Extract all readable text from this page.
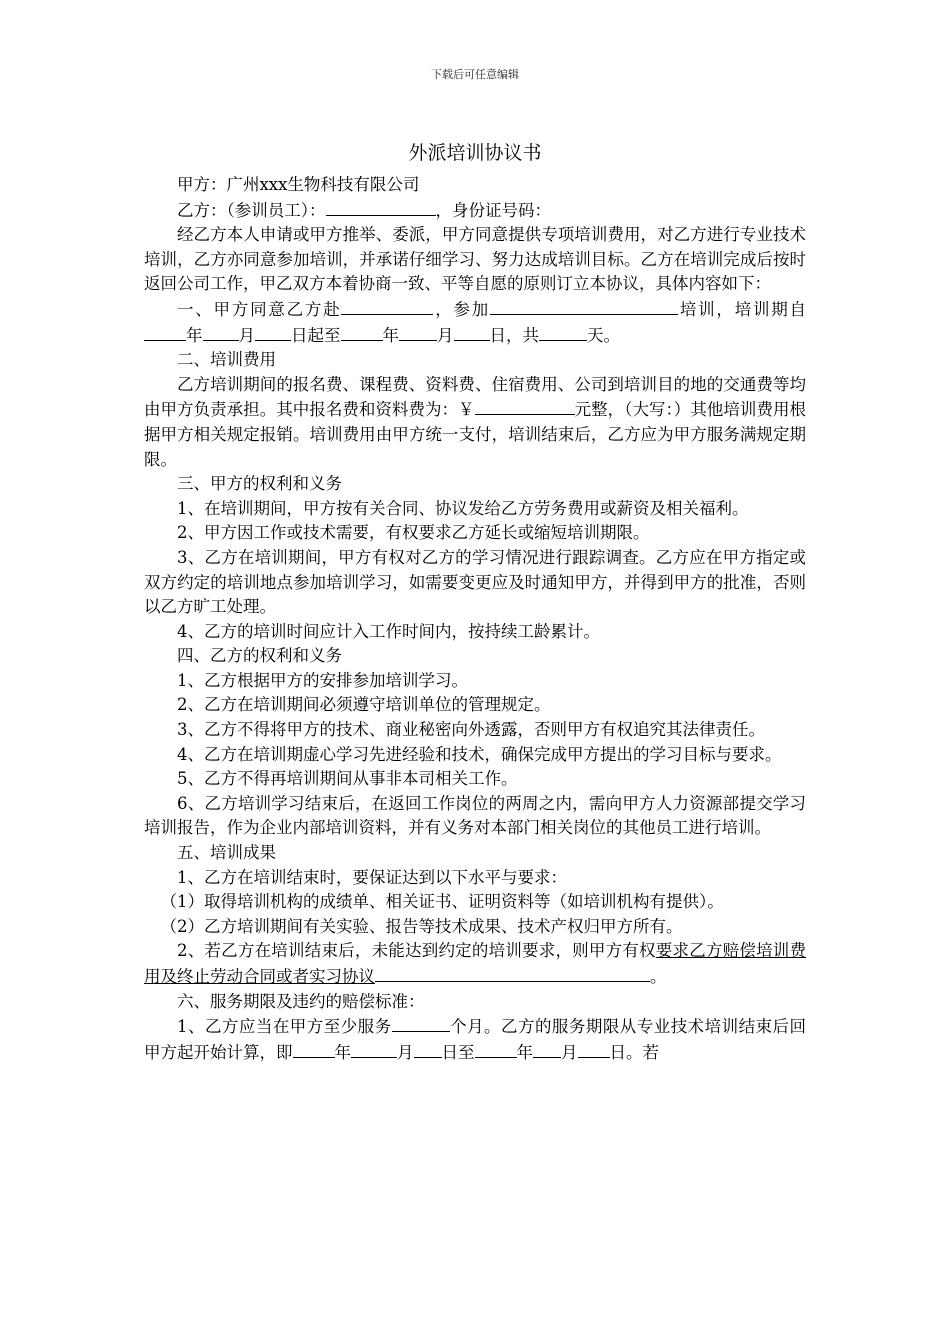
下载后可任意编辑
外派培训协议书

甲方：广州xxx生物科技有限公司

乙方：（参训员工）：	，身份证号码：

经乙方本人申请或甲方推举、委派，甲方同意提供专项培训费用，对乙方进行专业技术培训，乙方亦同意参加培训，并承诺仔细学习、努力达成培训目标。乙方在培训完成后按时返回公司工作，甲乙双方本着协商一致、平等自愿的原则订立本协议，具体内容如下：

一、甲方同意乙方赴	，参加	培训，培训期自年 月 日起至	年 月 日，共	天。

二、培训费用

乙方培训期间的报名费、课程费、资料费、住宿费用、公司到培训目的地的交通费等均由甲方负责承担。其中报名费和资料费为：￥	元整，（大写：）其他培训费用根据甲方相关规定报销。培训费用由甲方统一支付，培训结束后，乙方应为甲方服务满规定期限。

三、甲方的权利和义务

1、在培训期间，甲方按有关合同、协议发给乙方劳务费用或薪资及相关福利。

2、甲方因工作或技术需要，有权要求乙方延长或缩短培训期限。

3、乙方在培训期间，甲方有权对乙方的学习情况进行跟踪调查。乙方应在甲方指定或双方约定的培训地点参加培训学习，如需要变更应及时通知甲方，并得到甲方的批准，否则以乙方旷工处理。

4、乙方的培训时间应计入工作时间内，按持续工龄累计。

四、乙方的权利和义务

1、乙方根据甲方的安排参加培训学习。

2、乙方在培训期间必须遵守培训单位的管理规定。

3、乙方不得将甲方的技术、商业秘密向外透露，否则甲方有权追究其法律责任。

4、乙方在培训期虚心学习先进经验和技术，确保完成甲方提出的学习目标与要求。

5、乙方不得再培训期间从事非本司相关工作。

6、乙方培训学习结束后，在返回工作岗位的两周之内，需向甲方人力资源部提交学习培训报告，作为企业内部培训资料，并有义务对本部门相关岗位的其他员工进行培训。

五、培训成果

1、乙方在培训结束时，要保证达到以下水平与要求：

（1）取得培训机构的成绩单、相关证书、证明资料等（如培训机构有提供）。

（2）乙方培训期间有关实验、报告等技术成果、技术产权归甲方所有。

2、若乙方在培训结束后，未能达到约定的培训要求，则甲方有权要求乙方赔偿培训费用及终止劳动合同或者实习协议	。

六、服务期限及违约的赔偿标准：

1、乙方应当在甲方至少服务	个月。乙方的服务期限从专业技术培训结束后回甲方起开始计算，即	年	月 日至	年 月 日。若
